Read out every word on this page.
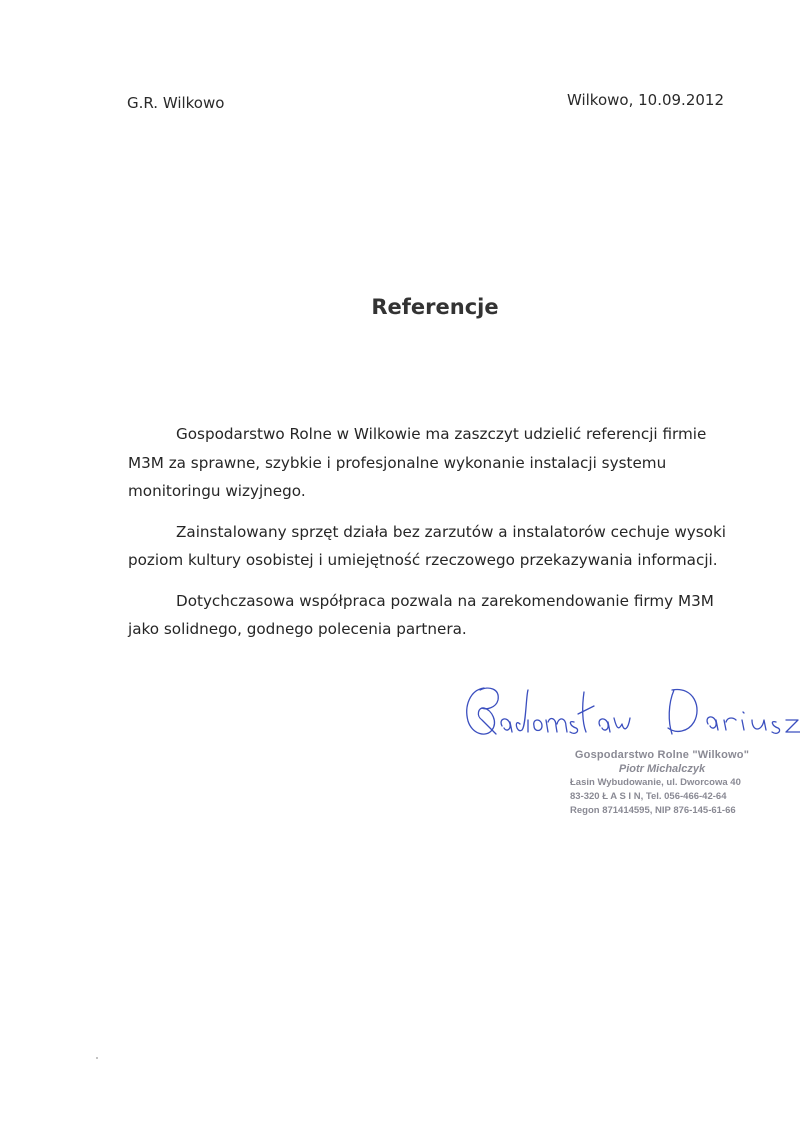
G.R. Wilkowo	Wilkowo, 10.09.2012
Referencje

Gospodarstwo Rolne w Wilkowie ma zaszczyt udzielić referencji firmie M3M za sprawne, szybkie i profesjonalne wykonanie instalacji systemu monitoringu wizyjnego.

Zainstalowany sprzęt działa bez zarzutów a instalatorów cechuje wysoki poziom kultury osobistej i umiejętność rzeczowego przekazywania informacji.

Dotychczasowa współpraca pozwala na zarekomendowanie firmy M3M jako solidnego, godnego polecenia partnera.

Gospodarstwo Rolne "Wilkowo"
Piotr Michalczyk
Łasin Wybudowanie, ul. Dworcowa 40
83-320 Ł A S I N, Tel. 056-466-42-64
Regon 871414595, NIP 876-145-61-66
